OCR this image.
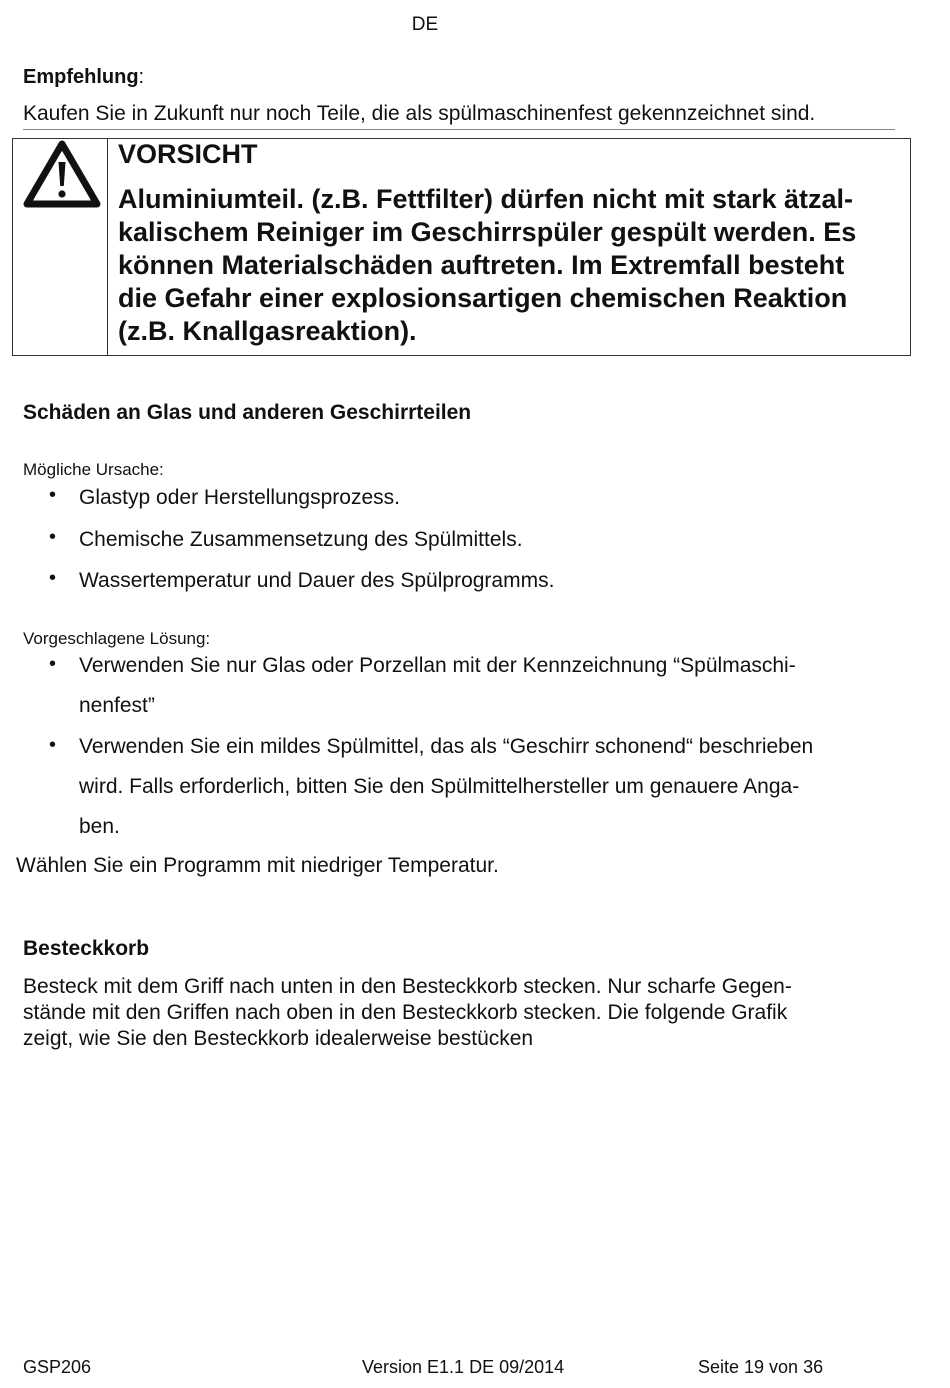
DE
Empfehlung:
Kaufen Sie in Zukunft nur noch Teile, die als spülmaschinenfest gekennzeichnet sind.
VORSICHT
Aluminiumteil. (z.B. Fettfilter) dürfen nicht mit stark ätzal-
kalischem Reiniger im Geschirrspüler gespült werden. Es
können Materialschäden auftreten. Im Extremfall besteht
die Gefahr einer explosionsartigen chemischen Reaktion
(z.B. Knallgasreaktion).
Schäden an Glas und anderen Geschirrteilen
Mögliche Ursache:
• Glastyp oder Herstellungsprozess.
• Chemische Zusammensetzung des Spülmittels.
• Wassertemperatur und Dauer des Spülprogramms.
Vorgeschlagene Lösung:
• Verwenden Sie nur Glas oder Porzellan mit der Kennzeichnung “Spülmaschi-
nenfest”
• Verwenden Sie ein mildes Spülmittel, das als “Geschirr schonend“ beschrieben
wird. Falls erforderlich, bitten Sie den Spülmittelhersteller um genauere Anga-
ben.
Wählen Sie ein Programm mit niedriger Temperatur.
Besteckkorb
Besteck mit dem Griff nach unten in den Besteckkorb stecken. Nur scharfe Gegen-
stände mit den Griffen nach oben in den Besteckkorb stecken. Die folgende Grafik
zeigt, wie Sie den Besteckkorb idealerweise bestücken
GSP206	Version E1.1 DE 09/2014	Seite 19 von 36
